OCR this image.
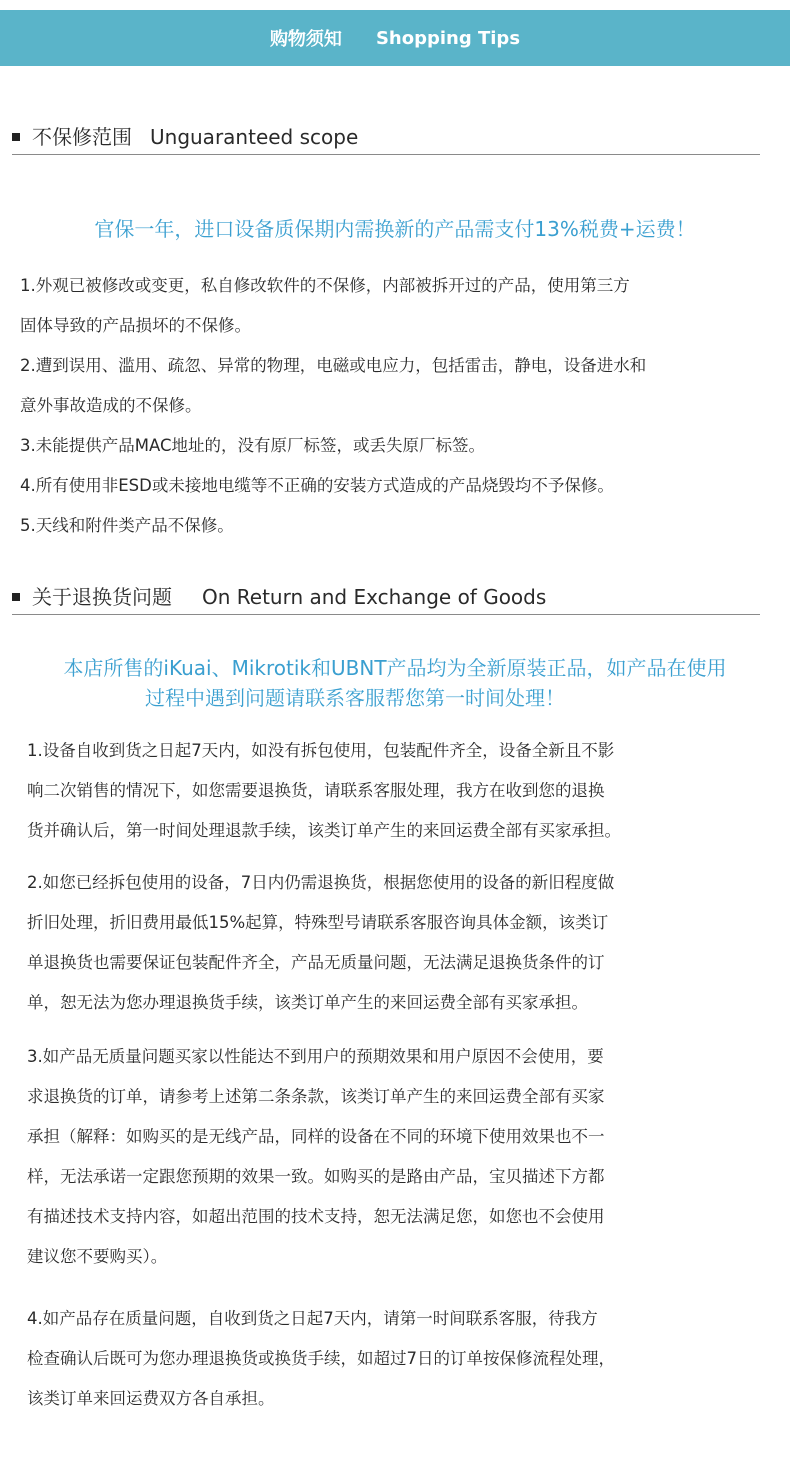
购物须知 Shopping Tips
不保修范围 Unguaranteed scope
官保一年，进口设备质保期内需换新的产品需支付13%税费+运费！
1.外观已被修改或变更，私自修改软件的不保修，内部被拆开过的产品，使用第三方
固体导致的产品损坏的不保修。
2.遭到误用、滥用、疏忽、异常的物理，电磁或电应力，包括雷击，静电，设备进水和
意外事故造成的不保修。
3.未能提供产品MAC地址的，没有原厂标签，或丢失原厂标签。
4.所有使用非ESD或未接地电缆等不正确的安装方式造成的产品烧毁均不予保修。
5.天线和附件类产品不保修。
关于退换货问题 On Return and Exchange of Goods
本店所售的iKuai、Mikrotik和UBNT产品均为全新原装正品，如产品在使用
过程中遇到问题请联系客服帮您第一时间处理！
1.设备自收到货之日起7天内，如没有拆包使用，包装配件齐全，设备全新且不影
响二次销售的情况下，如您需要退换货，请联系客服处理，我方在收到您的退换
货并确认后，第一时间处理退款手续，该类订单产生的来回运费全部有买家承担。
2.如您已经拆包使用的设备，7日内仍需退换货，根据您使用的设备的新旧程度做
折旧处理，折旧费用最低15%起算，特殊型号请联系客服咨询具体金额，该类订
单退换货也需要保证包装配件齐全，产品无质量问题，无法满足退换货条件的订
单，恕无法为您办理退换货手续，该类订单产生的来回运费全部有买家承担。
3.如产品无质量问题买家以性能达不到用户的预期效果和用户原因不会使用，要
求退换货的订单，请参考上述第二条条款，该类订单产生的来回运费全部有买家
承担（解释：如购买的是无线产品，同样的设备在不同的环境下使用效果也不一
样，无法承诺一定跟您预期的效果一致。如购买的是路由产品，宝贝描述下方都
有描述技术支持内容，如超出范围的技术支持，恕无法满足您，如您也不会使用
建议您不要购买）。
4.如产品存在质量问题，自收到货之日起7天内，请第一时间联系客服，待我方
检查确认后既可为您办理退换货或换货手续，如超过7日的订单按保修流程处理，
该类订单来回运费双方各自承担。
